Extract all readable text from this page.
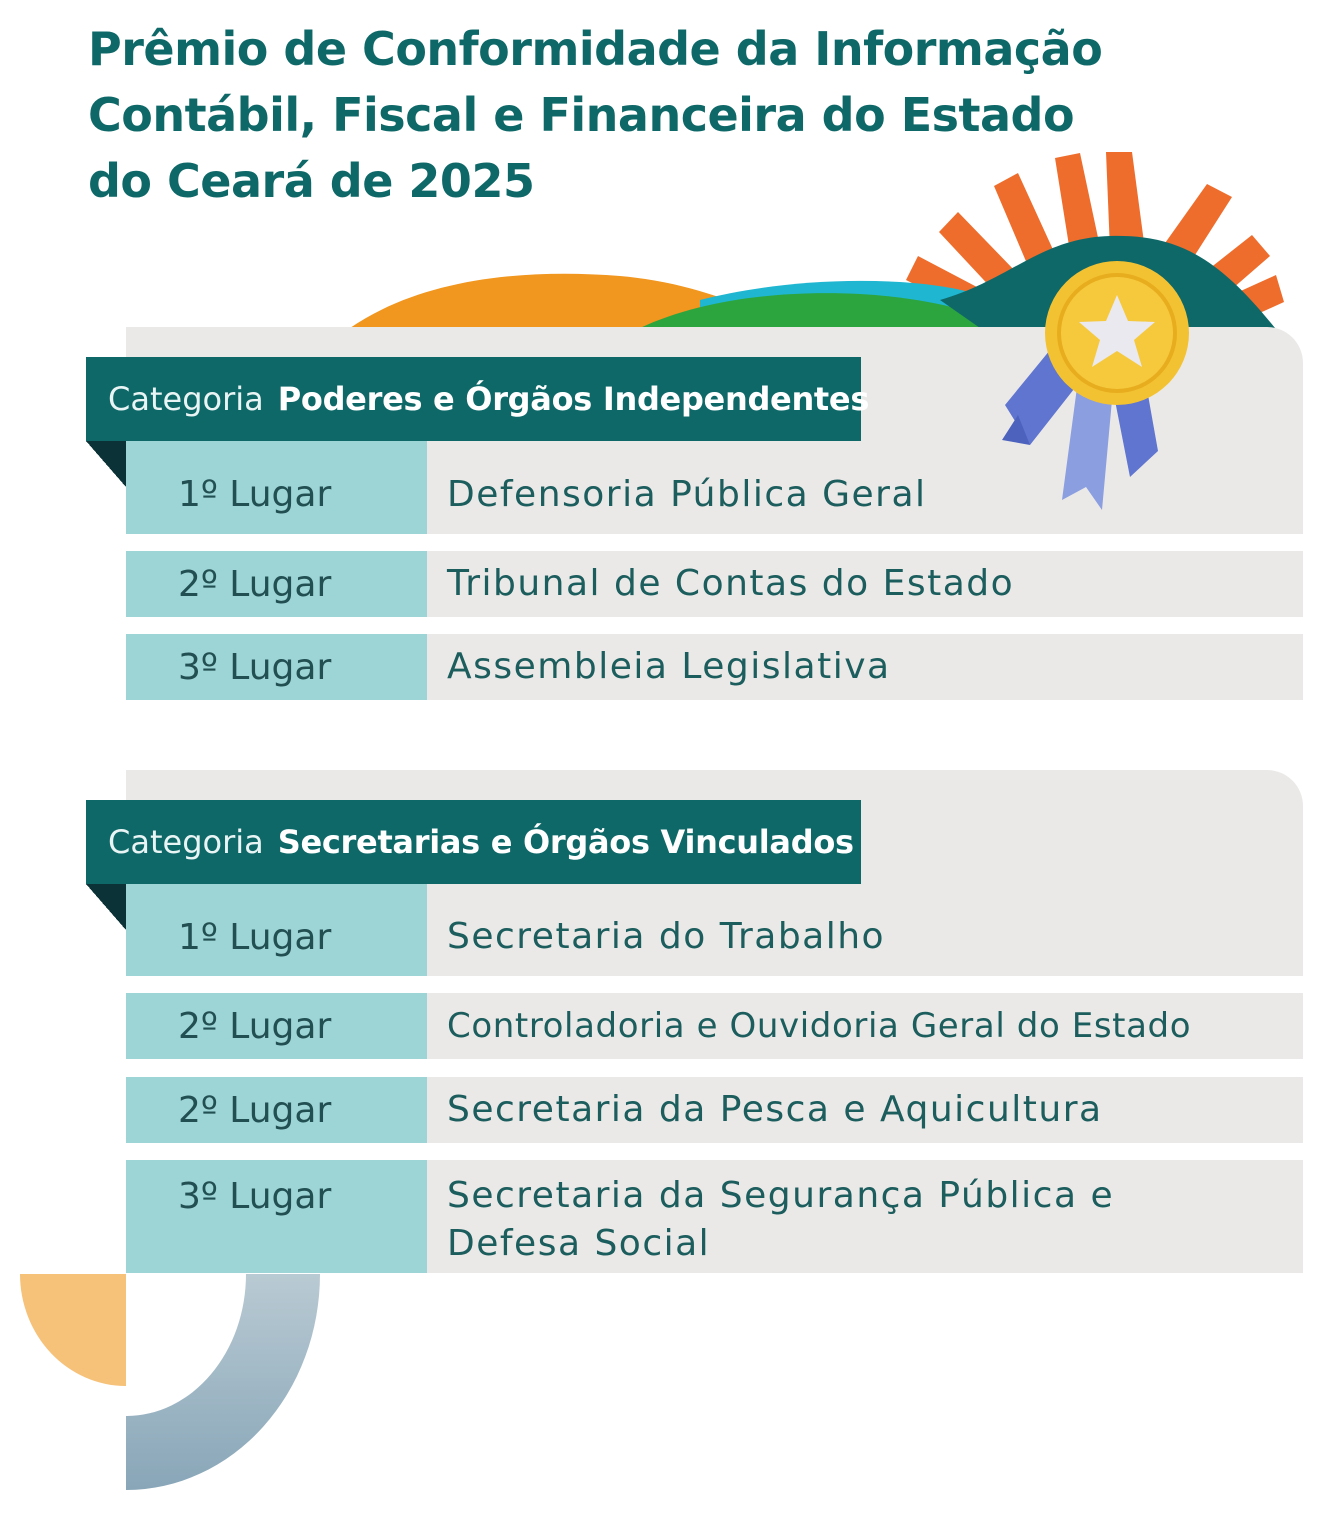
Prêmio de Conformidade da Informação
Contábil, Fiscal e Financeira do Estado
do Ceará de 2025
Categoria Poderes e Órgãos Independentes
1º Lugar	Defensoria Pública Geral
2º Lugar	Tribunal de Contas do Estado
3º Lugar	Assembleia Legislativa
Categoria Secretarias e Órgãos Vinculados
1º Lugar	Secretaria do Trabalho
2º Lugar	Controladoria e Ouvidoria Geral do Estado
2º Lugar	Secretaria da Pesca e Aquicultura
3º Lugar	Secretaria da Segurança Pública e Defesa Social
